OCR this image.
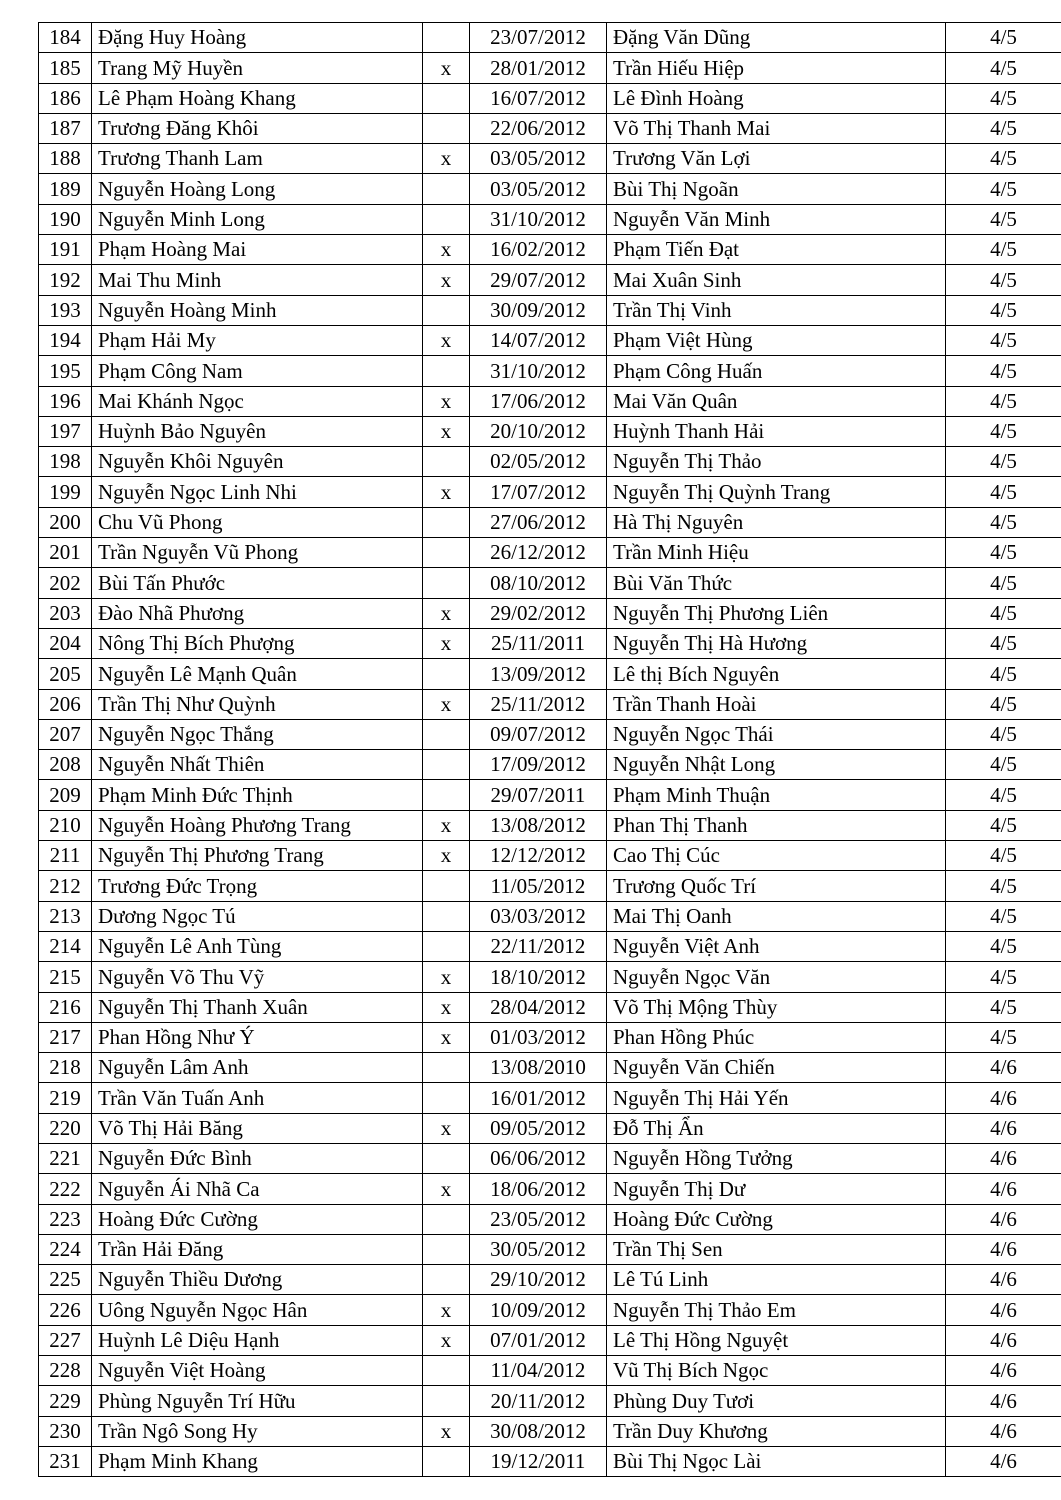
184	Đặng Huy Hoàng		23/07/2012	Đặng Văn Dũng	4/5
185	Trang Mỹ Huyền	x	28/01/2012	Trần Hiếu Hiệp	4/5
186	Lê Phạm Hoàng Khang		16/07/2012	Lê Đình Hoàng	4/5
187	Trương Đăng Khôi		22/06/2012	Võ Thị Thanh Mai	4/5
188	Trương Thanh Lam	x	03/05/2012	Trương Văn Lợi	4/5
189	Nguyễn Hoàng Long		03/05/2012	Bùi Thị Ngoãn	4/5
190	Nguyễn Minh Long		31/10/2012	Nguyễn Văn Minh	4/5
191	Phạm Hoàng Mai	x	16/02/2012	Phạm Tiến Đạt	4/5
192	Mai Thu Minh	x	29/07/2012	Mai Xuân Sinh	4/5
193	Nguyễn Hoàng Minh		30/09/2012	Trần Thị Vinh	4/5
194	Phạm Hải My	x	14/07/2012	Phạm Việt Hùng	4/5
195	Phạm Công Nam		31/10/2012	Phạm Công Huấn	4/5
196	Mai Khánh Ngọc	x	17/06/2012	Mai Văn Quân	4/5
197	Huỳnh Bảo Nguyên	x	20/10/2012	Huỳnh Thanh Hải	4/5
198	Nguyễn Khôi Nguyên		02/05/2012	Nguyễn Thị Thảo	4/5
199	Nguyễn Ngọc Linh Nhi	x	17/07/2012	Nguyễn Thị Quỳnh Trang	4/5
200	Chu Vũ Phong		27/06/2012	Hà Thị Nguyên	4/5
201	Trần Nguyễn Vũ Phong		26/12/2012	Trần Minh Hiệu	4/5
202	Bùi Tấn Phước		08/10/2012	Bùi Văn Thức	4/5
203	Đào Nhã Phương	x	29/02/2012	Nguyễn Thị Phương Liên	4/5
204	Nông Thị Bích Phượng	x	25/11/2011	Nguyễn Thị Hà Hương	4/5
205	Nguyễn Lê Mạnh Quân		13/09/2012	Lê thị Bích Nguyên	4/5
206	Trần Thị Như Quỳnh	x	25/11/2012	Trần Thanh Hoài	4/5
207	Nguyễn Ngọc Thắng		09/07/2012	Nguyễn Ngọc Thái	4/5
208	Nguyễn Nhất Thiên		17/09/2012	Nguyễn Nhật Long	4/5
209	Phạm Minh Đức Thịnh		29/07/2011	Phạm Minh Thuận	4/5
210	Nguyễn Hoàng Phương Trang	x	13/08/2012	Phan Thị Thanh	4/5
211	Nguyễn Thị Phương Trang	x	12/12/2012	Cao Thị Cúc	4/5
212	Trương Đức Trọng		11/05/2012	Trương Quốc Trí	4/5
213	Dương Ngọc Tú		03/03/2012	Mai Thị Oanh	4/5
214	Nguyễn Lê Anh Tùng		22/11/2012	Nguyễn Việt Anh	4/5
215	Nguyễn Võ Thu Vỹ	x	18/10/2012	Nguyễn Ngọc Văn	4/5
216	Nguyễn Thị Thanh Xuân	x	28/04/2012	Võ Thị Mộng Thùy	4/5
217	Phan Hồng Như Ý	x	01/03/2012	Phan Hồng Phúc	4/5
218	Nguyễn Lâm Anh		13/08/2010	Nguyễn Văn Chiến	4/6
219	Trần Văn Tuấn Anh		16/01/2012	Nguyễn Thị Hải Yến	4/6
220	Võ Thị Hải Băng	x	09/05/2012	Đỗ Thị Ẩn	4/6
221	Nguyễn Đức Bình		06/06/2012	Nguyễn Hồng Tưởng	4/6
222	Nguyễn Ái Nhã Ca	x	18/06/2012	Nguyễn Thị Dư	4/6
223	Hoàng Đức Cường		23/05/2012	Hoàng Đức Cường	4/6
224	Trần Hải Đăng		30/05/2012	Trần Thị Sen	4/6
225	Nguyễn Thiều Dương		29/10/2012	Lê Tú Linh	4/6
226	Uông Nguyễn Ngọc Hân	x	10/09/2012	Nguyễn Thị Thảo Em	4/6
227	Huỳnh Lê Diệu Hạnh	x	07/01/2012	Lê Thị Hồng Nguyệt	4/6
228	Nguyễn Việt Hoàng		11/04/2012	Vũ Thị Bích Ngọc	4/6
229	Phùng Nguyễn Trí Hữu		20/11/2012	Phùng Duy Tươi	4/6
230	Trần Ngô Song Hy	x	30/08/2012	Trần Duy Khương	4/6
231	Phạm Minh Khang		19/12/2011	Bùi Thị Ngọc Lài	4/6
